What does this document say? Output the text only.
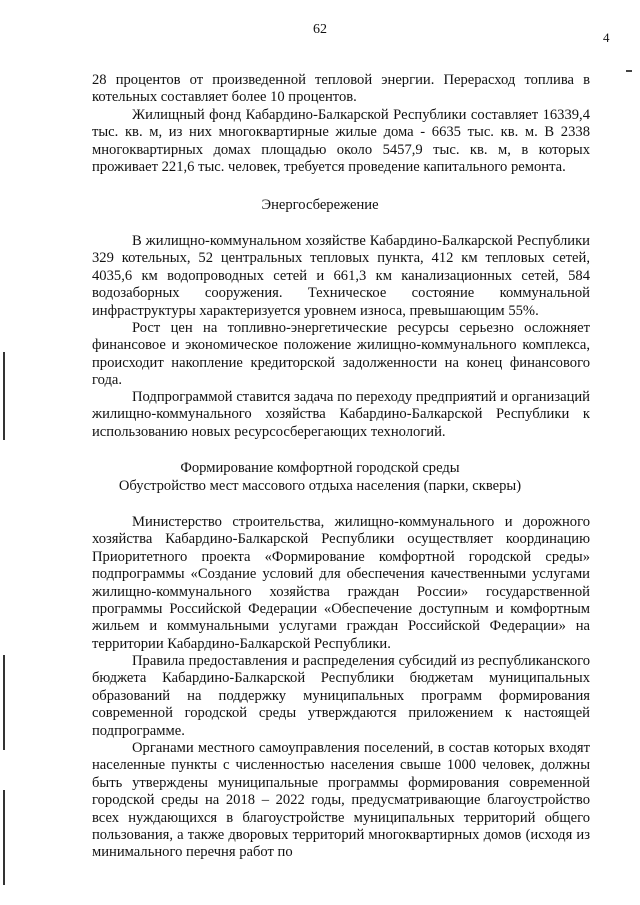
62
4

28 процентов от произведенной тепловой энергии. Перерасход топлива в котельных составляет более 10 процентов.

Жилищный фонд Кабардино-Балкарской Республики составляет 16339,4 тыс. кв. м, из них многоквартирные жилые дома - 6635 тыс. кв. м. В 2338 многоквартирных домах площадью около 5457,9 тыс. кв. м, в которых проживает 221,6 тыс. человек, требуется проведение капитального ремонта.

Энергосбережение

В жилищно-коммунальном хозяйстве Кабардино-Балкарской Республики 329 котельных, 52 центральных тепловых пункта, 412 км тепловых сетей, 4035,6 км водопроводных сетей и 661,3 км канализационных сетей, 584 водозаборных сооружения. Техническое состояние коммунальной инфраструктуры характеризуется уровнем износа, превышающим 55%.

Рост цен на топливно-энергетические ресурсы серьезно осложняет финансовое и экономическое положение жилищно-коммунального комплекса, происходит накопление кредиторской задолженности на конец финансового года.

Подпрограммой ставится задача по переходу предприятий и организаций жилищно-коммунального хозяйства Кабардино-Балкарской Республики к использованию новых ресурсосберегающих технологий.

Формирование комфортной городской среды
Обустройство мест массового отдыха населения (парки, скверы)

Министерство строительства, жилищно-коммунального и дорожного хозяйства Кабардино-Балкарской Республики осуществляет координацию Приоритетного проекта «Формирование комфортной городской среды» подпрограммы «Создание условий для обеспечения качественными услугами жилищно-коммунального хозяйства граждан России» государственной программы Российской Федерации «Обеспечение доступным и комфортным жильем и коммунальными услугами граждан Российской Федерации» на территории Кабардино-Балкарской Республики.

Правила предоставления и распределения субсидий из республиканского бюджета Кабардино-Балкарской Республики бюджетам муниципальных образований на поддержку муниципальных программ формирования современной городской среды утверждаются приложением к настоящей подпрограмме.

Органами местного самоуправления поселений, в состав которых входят населенные пункты с численностью населения свыше 1000 человек, должны быть утверждены муниципальные программы формирования современной городской среды на 2018 – 2022 годы, предусматривающие благоустройство всех нуждающихся в благоустройстве муниципальных территорий общего пользования, а также дворовых территорий многоквартирных домов (исходя из минимального перечня работ по
